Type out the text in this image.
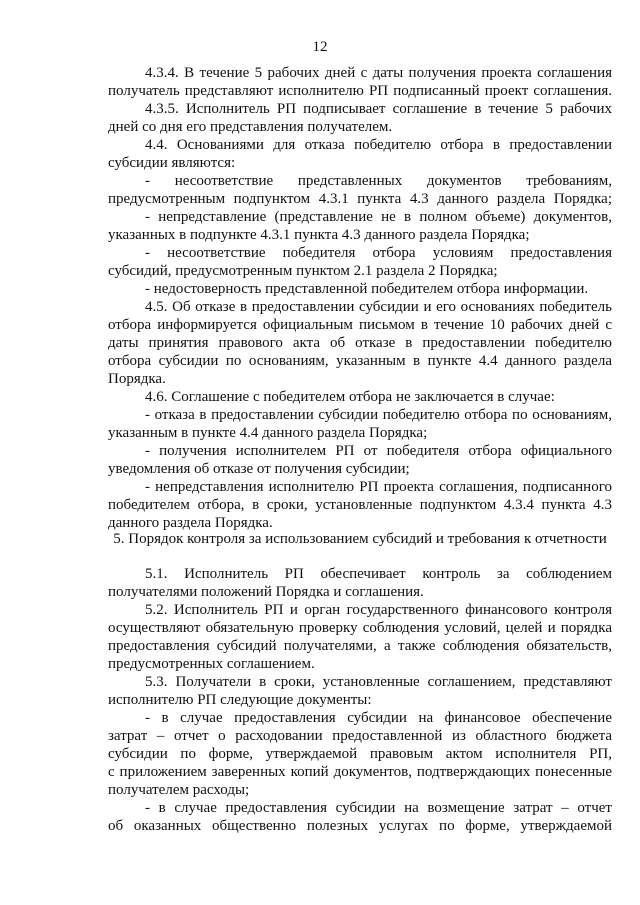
12
4.3.4. В течение 5 рабочих дней с даты получения проекта соглашения
получатель представляют исполнителю РП подписанный проект соглашения.
4.3.5. Исполнитель РП подписывает соглашение в течение 5 рабочих
дней со дня его представления получателем.
4.4. Основаниями для отказа победителю отбора в предоставлении
субсидии являются:
- несоответствие представленных документов требованиям,
предусмотренным подпунктом 4.3.1 пункта 4.3 данного раздела Порядка;
- непредставление (представление не в полном объеме) документов,
указанных в подпункте 4.3.1 пункта 4.3 данного раздела Порядка;
- несоответствие победителя отбора условиям предоставления
субсидий, предусмотренным пунктом 2.1 раздела 2 Порядка;
- недостоверность представленной победителем отбора информации.
4.5. Об отказе в предоставлении субсидии и его основаниях победитель
отбора информируется официальным письмом в течение 10 рабочих дней с
даты принятия правового акта об отказе в предоставлении победителю
отбора субсидии по основаниям, указанным в пункте 4.4 данного раздела
Порядка.
4.6. Соглашение с победителем отбора не заключается в случае:
- отказа в предоставлении субсидии победителю отбора по основаниям,
указанным в пункте 4.4 данного раздела Порядка;
- получения исполнителем РП от победителя отбора официального
уведомления об отказе от получения субсидии;
- непредставления исполнителю РП проекта соглашения, подписанного
победителем отбора, в сроки, установленные подпунктом 4.3.4 пункта 4.3
данного раздела Порядка.
5. Порядок контроля за использованием субсидий и требования к отчетности
5.1. Исполнитель РП обеспечивает контроль за соблюдением
получателями положений Порядка и соглашения.
5.2. Исполнитель РП и орган государственного финансового контроля
осуществляют обязательную проверку соблюдения условий, целей и порядка
предоставления субсидий получателями, а также соблюдения обязательств,
предусмотренных соглашением.
5.3. Получатели в сроки, установленные соглашением, представляют
исполнителю РП следующие документы:
- в случае предоставления субсидии на финансовое обеспечение
затрат – отчет о расходовании предоставленной из областного бюджета
субсидии по форме, утверждаемой правовым актом исполнителя РП,
с приложением заверенных копий документов, подтверждающих понесенные
получателем расходы;
- в случае предоставления субсидии на возмещение затрат – отчет
об оказанных общественно полезных услугах по форме, утверждаемой
